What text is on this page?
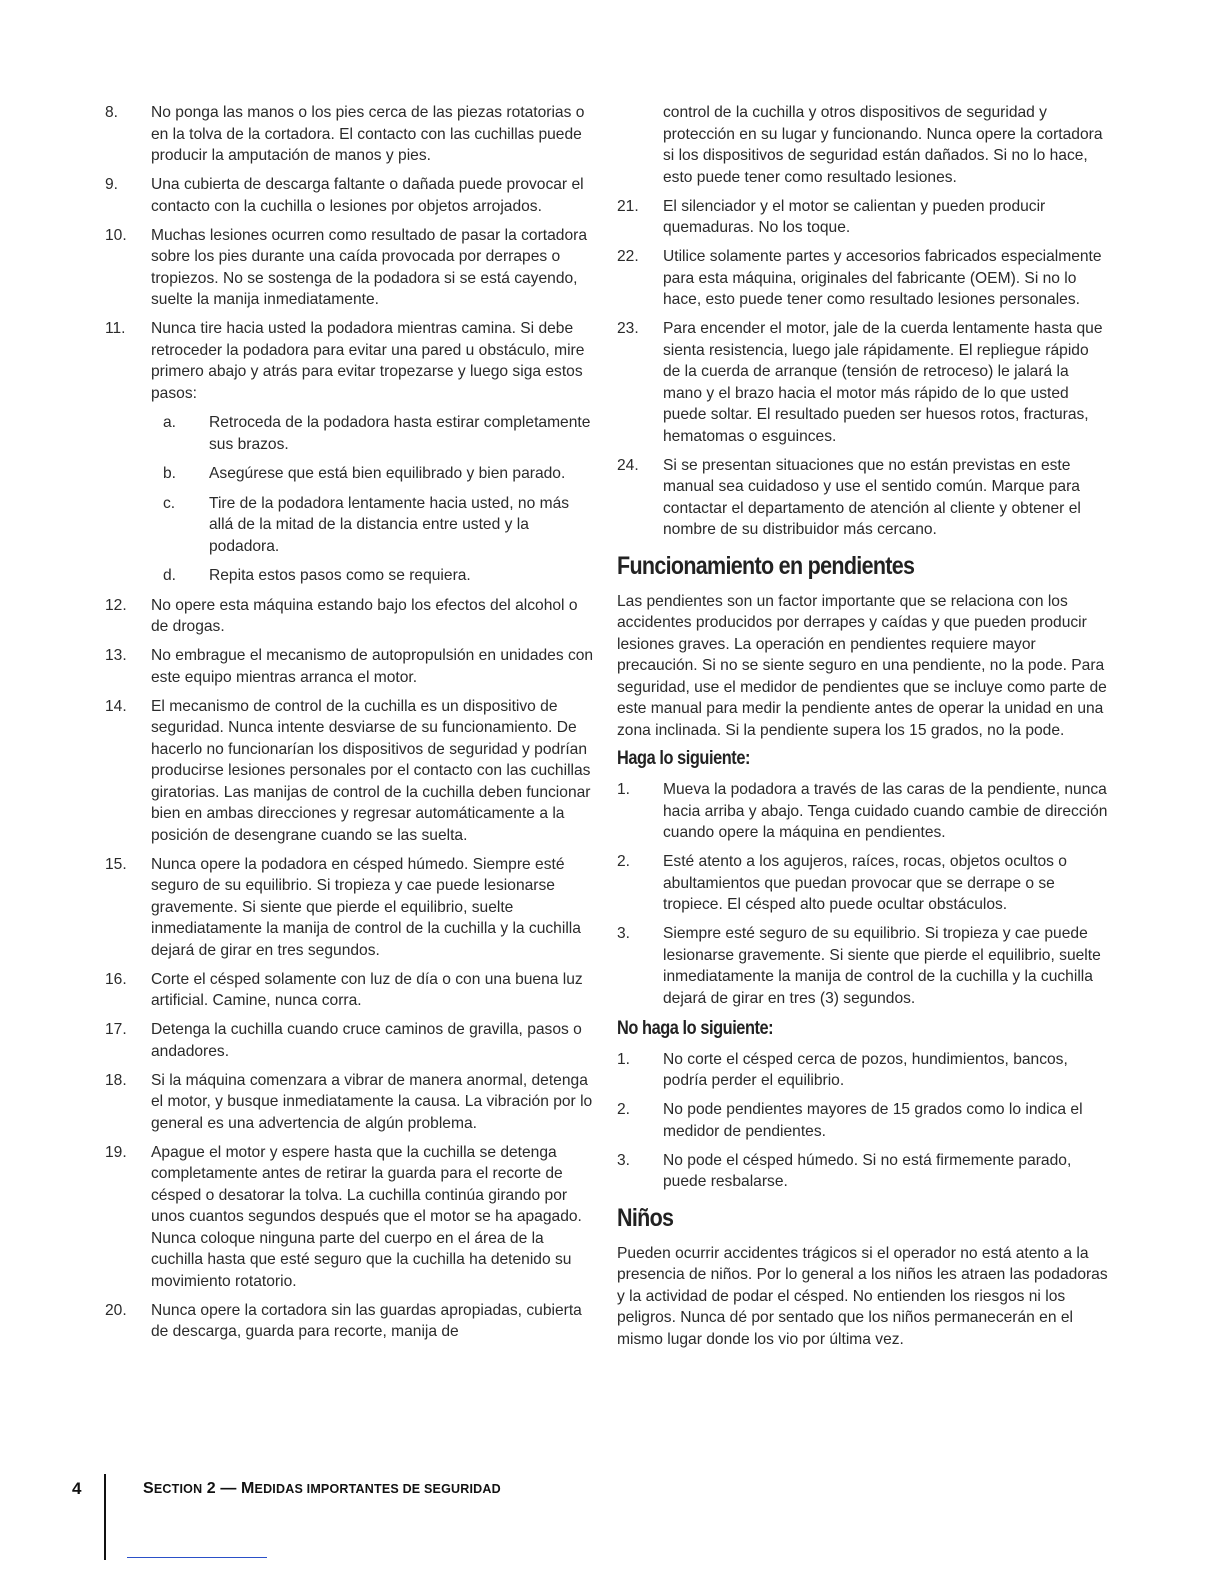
8. No ponga las manos o los pies cerca de las piezas rotatorias o en la tolva de la cortadora. El contacto con las cuchillas puede producir la amputación de manos y pies.
9. Una cubierta de descarga faltante o dañada puede provocar el contacto con la cuchilla o lesiones por objetos arrojados.
10. Muchas lesiones ocurren como resultado de pasar la cortadora sobre los pies durante una caída provocada por derrapes o tropiezos. No se sostenga de la podadora si se está cayendo, suelte la manija inmediatamente.
11. Nunca tire hacia usted la podadora mientras camina. Si debe retroceder la podadora para evitar una pared u obstáculo, mire primero abajo y atrás para evitar tropezarse y luego siga estos pasos:
a. Retroceda de la podadora hasta estirar completamente sus brazos.
b. Asegúrese que está bien equilibrado y bien parado.
c. Tire de la podadora lentamente hacia usted, no más allá de la mitad de la distancia entre usted y la podadora.
d. Repita estos pasos como se requiera.
12. No opere esta máquina estando bajo los efectos del alcohol o de drogas.
13. No embrague el mecanismo de autopropulsión en unidades con este equipo mientras arranca el motor.
14. El mecanismo de control de la cuchilla es un dispositivo de seguridad. Nunca intente desviarse de su funcionamiento. De hacerlo no funcionarían los dispositivos de seguridad y podrían producirse lesiones personales por el contacto con las cuchillas giratorias. Las manijas de control de la cuchilla deben funcionar bien en ambas direcciones y regresar automáticamente a la posición de desengrane cuando se las suelta.
15. Nunca opere la podadora en césped húmedo. Siempre esté seguro de su equilibrio. Si tropieza y cae puede lesionarse gravemente. Si siente que pierde el equilibrio, suelte inmediatamente la manija de control de la cuchilla y la cuchilla dejará de girar en tres segundos.
16. Corte el césped solamente con luz de día o con una buena luz artificial. Camine, nunca corra.
17. Detenga la cuchilla cuando cruce caminos de gravilla, pasos o andadores.
18. Si la máquina comenzara a vibrar de manera anormal, detenga el motor, y busque inmediatamente la causa. La vibración por lo general es una advertencia de algún problema.
19. Apague el motor y espere hasta que la cuchilla se detenga completamente antes de retirar la guarda para el recorte de césped o desatorar la tolva. La cuchilla continúa girando por unos cuantos segundos después que el motor se ha apagado. Nunca coloque ninguna parte del cuerpo en el área de la cuchilla hasta que esté seguro que la cuchilla ha detenido su movimiento rotatorio.
20. Nunca opere la cortadora sin las guardas apropiadas, cubierta de descarga, guarda para recorte, manija de
control de la cuchilla y otros dispositivos de seguridad y protección en su lugar y funcionando. Nunca opere la cortadora si los dispositivos de seguridad están dañados. Si no lo hace, esto puede tener como resultado lesiones.
21. El silenciador y el motor se calientan y pueden producir quemaduras. No los toque.
22. Utilice solamente partes y accesorios fabricados especialmente para esta máquina, originales del fabricante (OEM). Si no lo hace, esto puede tener como resultado lesiones personales.
23. Para encender el motor, jale de la cuerda lentamente hasta que sienta resistencia, luego jale rápidamente. El repliegue rápido de la cuerda de arranque (tensión de retroceso) le jalará la mano y el brazo hacia el motor más rápido de lo que usted puede soltar. El resultado pueden ser huesos rotos, fracturas, hematomas o esguinces.
24. Si se presentan situaciones que no están previstas en este manual sea cuidadoso y use el sentido común. Marque para contactar el departamento de atención al cliente y obtener el nombre de su distribuidor más cercano.
Funcionamiento en pendientes

Las pendientes son un factor importante que se relaciona con los accidentes producidos por derrapes y caídas y que pueden producir lesiones graves. La operación en pendientes requiere mayor precaución. Si no se siente seguro en una pendiente, no la pode. Para seguridad, use el medidor de pendientes que se incluye como parte de este manual para medir la pendiente antes de operar la unidad en una zona inclinada. Si la pendiente supera los 15 grados, no la pode.

Haga lo siguiente:
1. Mueva la podadora a través de las caras de la pendiente, nunca hacia arriba y abajo. Tenga cuidado cuando cambie de dirección cuando opere la máquina en pendientes.
2. Esté atento a los agujeros, raíces, rocas, objetos ocultos o abultamientos que puedan provocar que se derrape o se tropiece. El césped alto puede ocultar obstáculos.
3. Siempre esté seguro de su equilibrio. Si tropieza y cae puede lesionarse gravemente. Si siente que pierde el equilibrio, suelte inmediatamente la manija de control de la cuchilla y la cuchilla dejará de girar en tres (3) segundos.
No haga lo siguiente:
1. No corte el césped cerca de pozos, hundimientos, bancos, podría perder el equilibrio.
2. No pode pendientes mayores de 15 grados como lo indica el medidor de pendientes.
3. No pode el césped húmedo. Si no está firmemente parado, puede resbalarse.
Niños

Pueden ocurrir accidentes trágicos si el operador no está atento a la presencia de niños. Por lo general a los niños les atraen las podadoras y la actividad de podar el césped. No entienden los riesgos ni los peligros. Nunca dé por sentado que los niños permanecerán en el mismo lugar donde los vio por última vez.

4	SECTION 2 — MEDIDAS IMPORTANTES DE SEGURIDAD
